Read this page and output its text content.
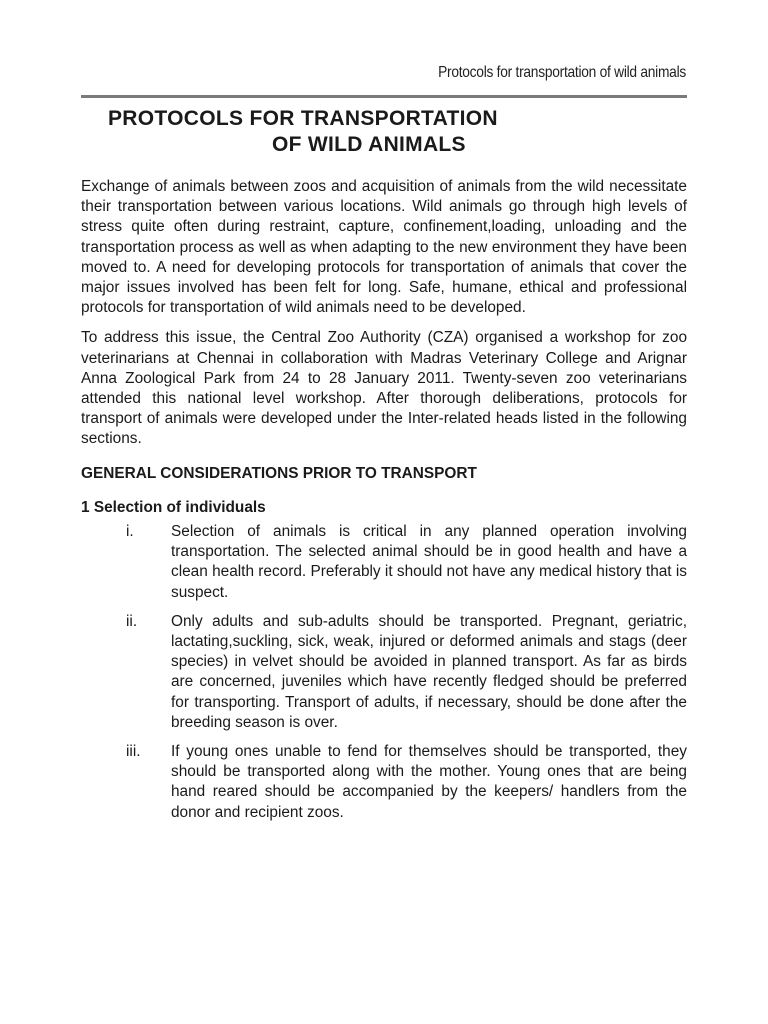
Protocols for transportation of wild animals
PROTOCOLS FOR TRANSPORTATION
OF WILD ANIMALS

Exchange of animals between zoos and acquisition of animals from the wild necessitate their transportation between various locations. Wild animals go through high levels of stress quite often during restraint, capture, confinement,loading, unloading and the transportation process as well as when adapting to the new environment they have been moved to. A need for developing protocols for transportation of animals that cover the major issues involved has been felt for long. Safe, humane, ethical and professional protocols for transportation of wild animals need to be developed.

To address this issue, the Central Zoo Authority (CZA) organised a workshop for zoo veterinarians at Chennai in collaboration with Madras Veterinary College and Arignar Anna Zoological Park from 24 to 28 January 2011. Twenty-seven zoo veterinarians attended this national level workshop. After thorough deliberations, protocols for transport of animals were developed under the Inter-related heads listed in the following sections.

GENERAL CONSIDERATIONS PRIOR TO TRANSPORT
1 Selection of individuals
i. Selection of animals is critical in any planned operation involving transportation. The selected animal should be in good health and have a clean health record. Preferably it should not have any medical history that is suspect.
ii. Only adults and sub-adults should be transported. Pregnant, geriatric, lactating,suckling, sick, weak, injured or deformed animals and stags (deer species) in velvet should be avoided in planned transport. As far as birds are concerned, juveniles which have recently fledged should be preferred for transporting. Transport of adults, if necessary, should be done after the breeding season is over.
iii. If young ones unable to fend for themselves should be transported, they should be transported along with the mother. Young ones that are being hand reared should be accompanied by the keepers/ handlers from the donor and recipient zoos.
